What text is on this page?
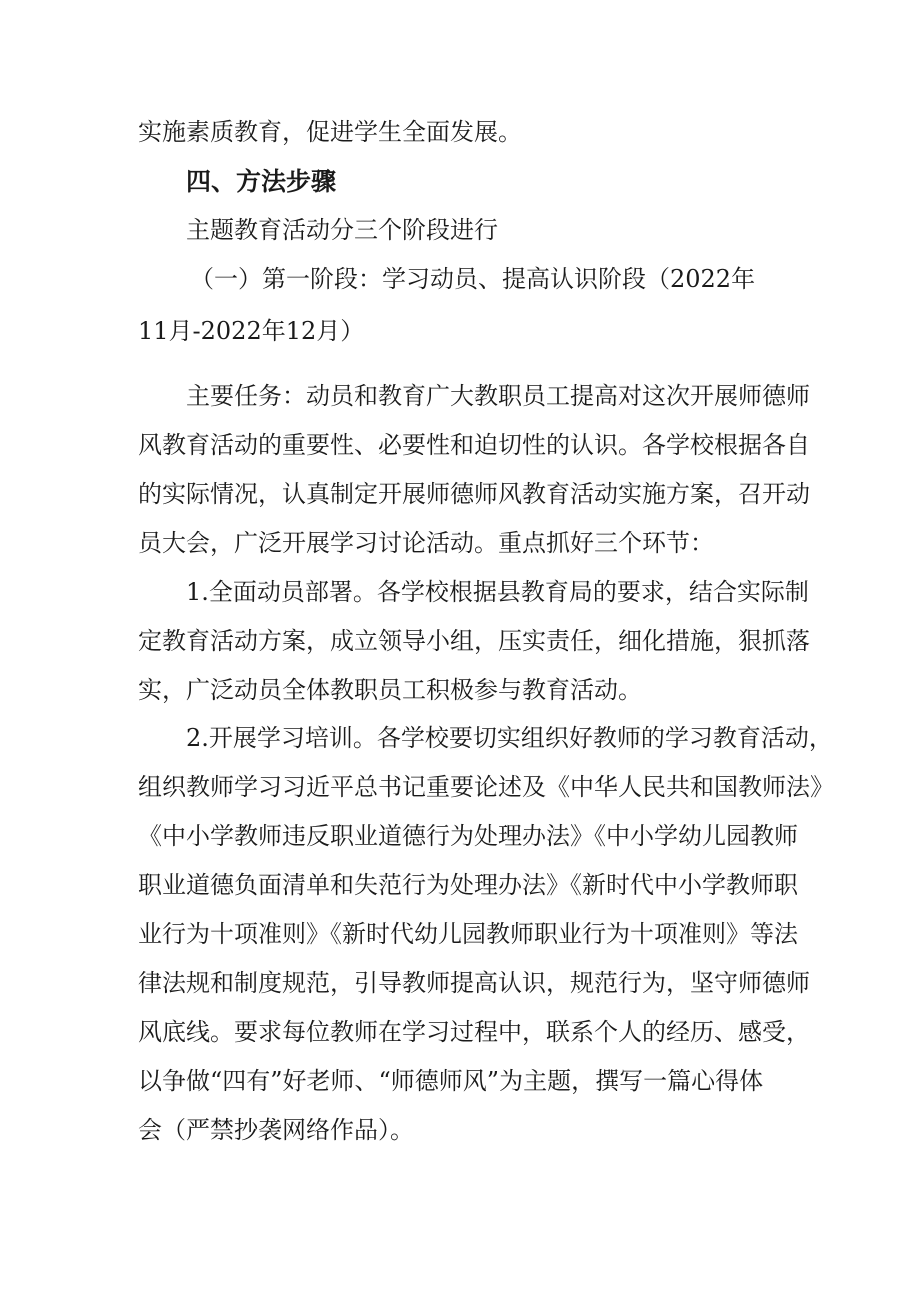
实施素质教育，促进学生全面发展。
四、方法步骤
主题教育活动分三个阶段进行
（一）第一阶段：学习动员、提高认识阶段（2022年
11月-2022年12月）
主要任务：动员和教育广大教职员工提高对这次开展师德师
风教育活动的重要性、必要性和迫切性的认识。各学校根据各自
的实际情况，认真制定开展师德师风教育活动实施方案，召开动
员大会，广泛开展学习讨论活动。重点抓好三个环节：
1.全面动员部署。各学校根据县教育局的要求，结合实际制
定教育活动方案，成立领导小组，压实责任，细化措施，狠抓落
实，广泛动员全体教职员工积极参与教育活动。
2.开展学习培训。各学校要切实组织好教师的学习教育活动，
组织教师学习习近平总书记重要论述及《中华人民共和国教师法》
《中小学教师违反职业道德行为处理办法》《中小学幼儿园教师
职业道德负面清单和失范行为处理办法》《新时代中小学教师职
业行为十项准则》《新时代幼儿园教师职业行为十项准则》等法
律法规和制度规范，引导教师提高认识，规范行为，坚守师德师
风底线。要求每位教师在学习过程中，联系个人的经历、感受，
以争做“四有”好老师、“师德师风”为主题，撰写一篇心得体
会（严禁抄袭网络作品）。
